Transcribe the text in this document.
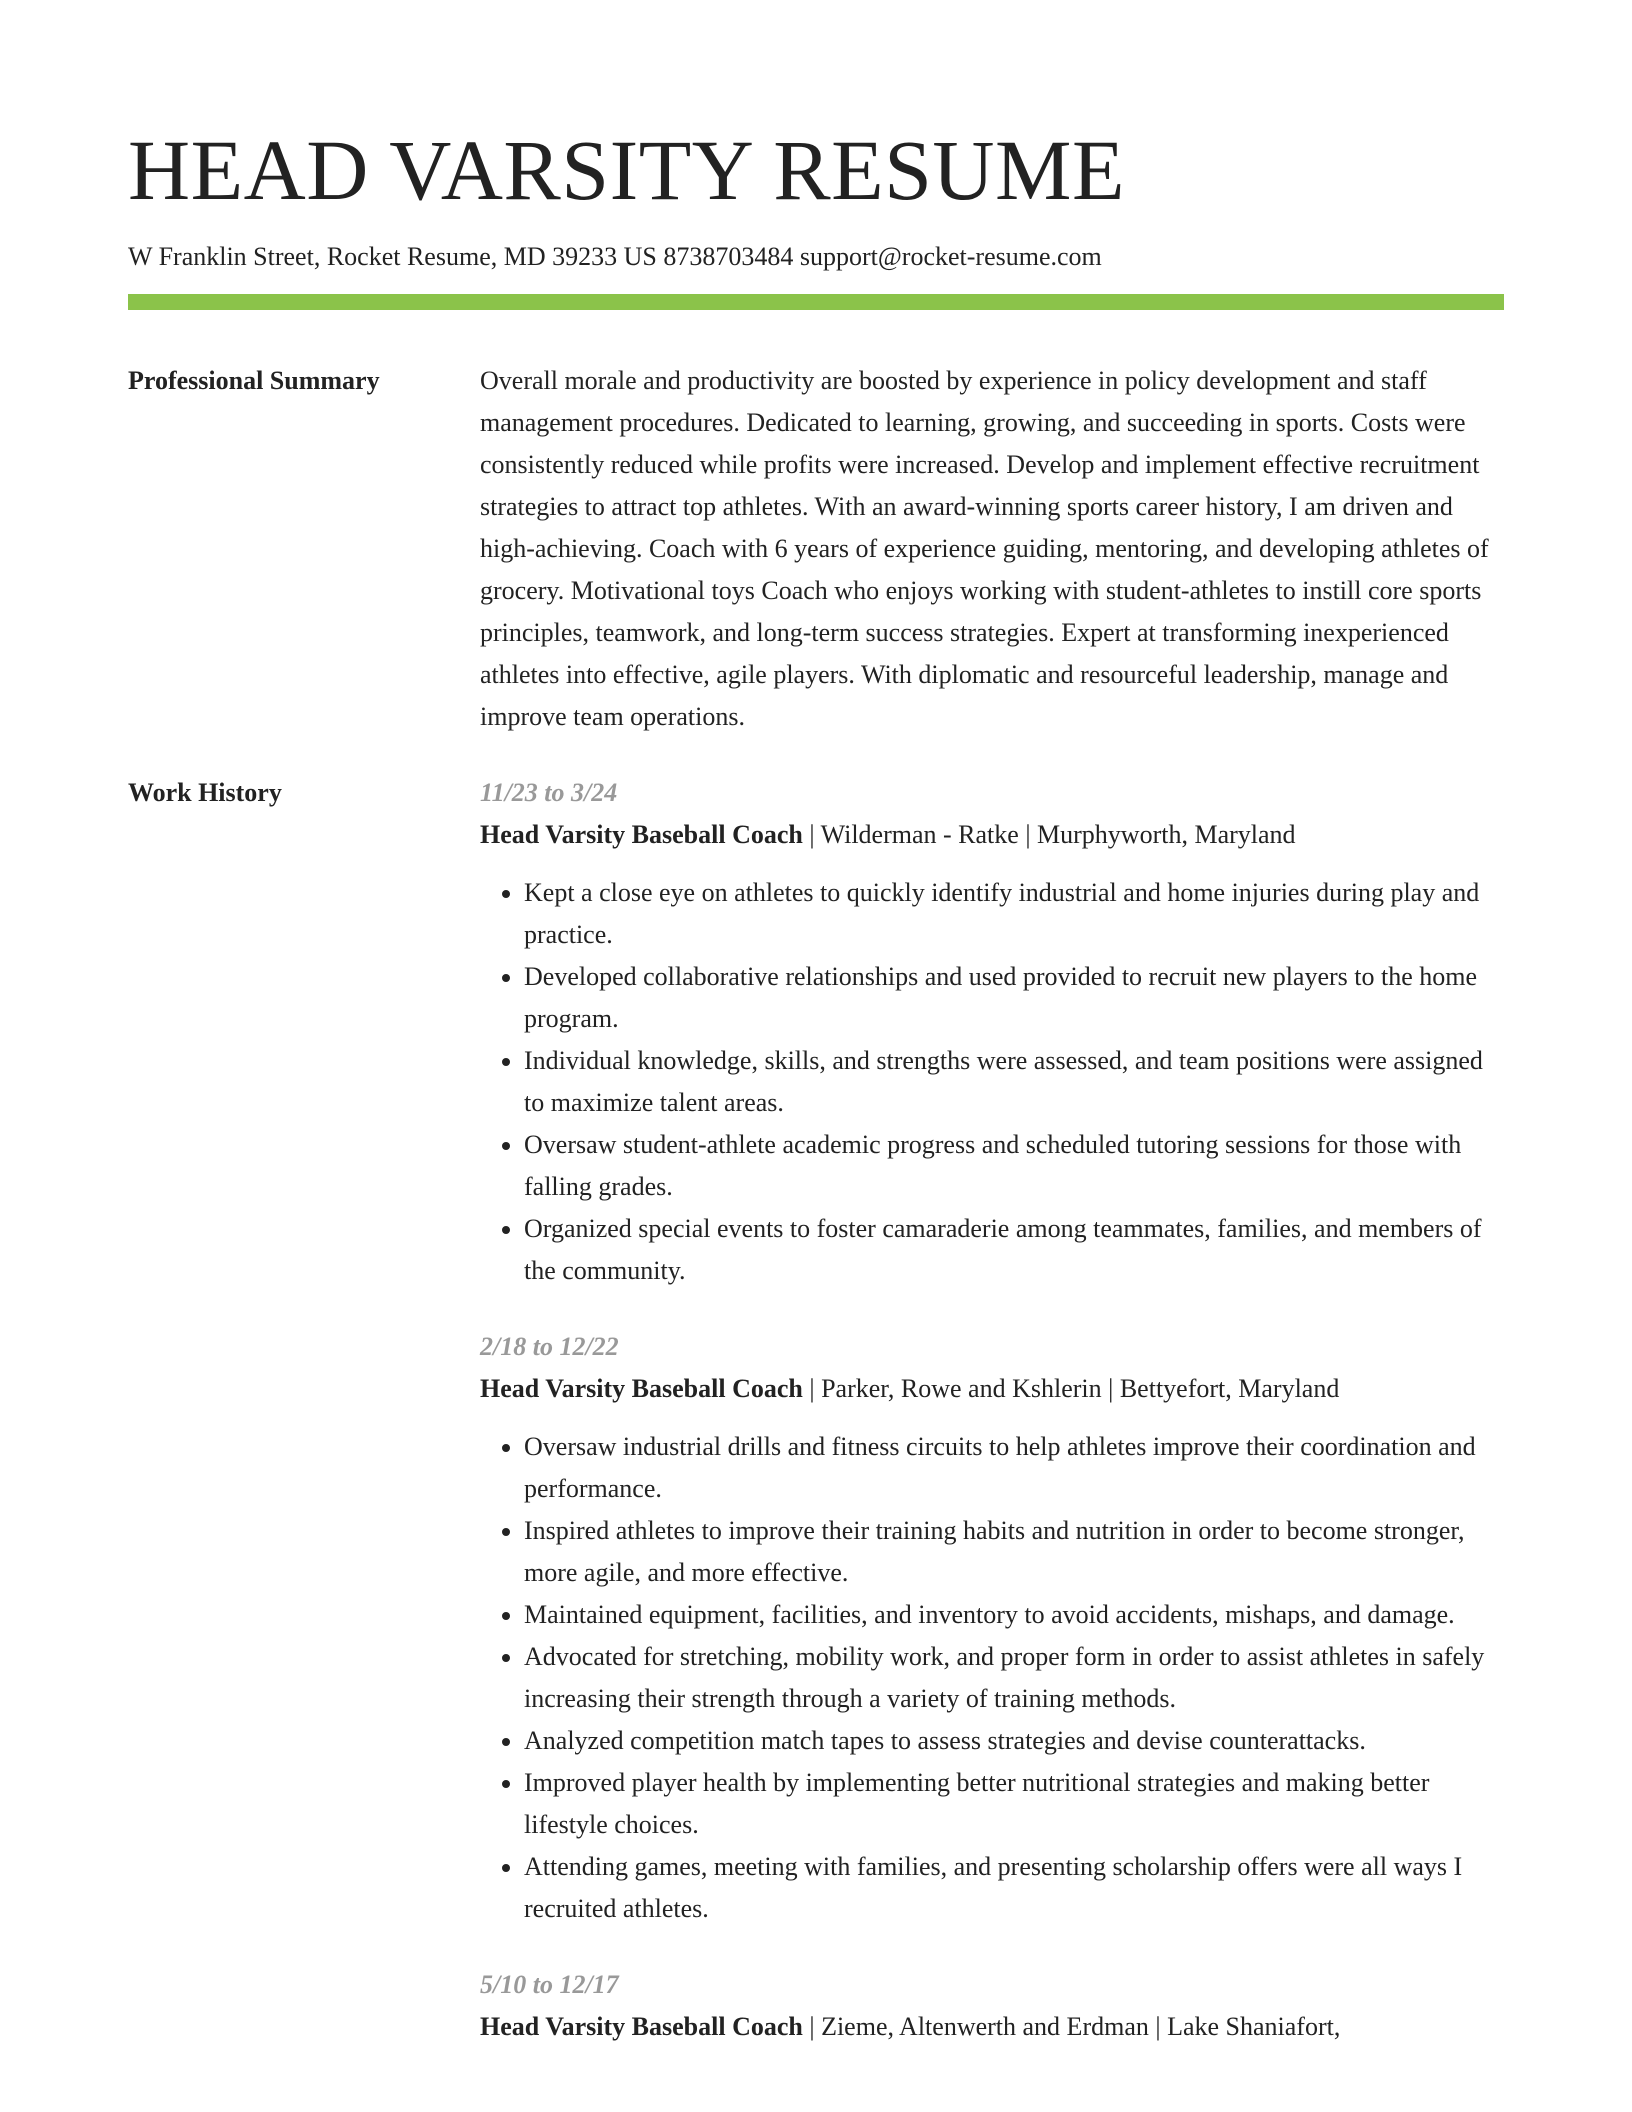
HEAD VARSITY RESUME
W Franklin Street, Rocket Resume, MD 39233 US 8738703484 support@rocket-resume.com
Professional Summary	Overall morale and productivity are boosted by experience in policy development and staff management procedures. Dedicated to learning, growing, and succeeding in sports. Costs were consistently reduced while profits were increased. Develop and implement effective recruitment strategies to attract top athletes. With an award-winning sports career history, I am driven and high-achieving. Coach with 6 years of experience guiding, mentoring, and developing athletes of grocery. Motivational toys Coach who enjoys working with student-athletes to instill core sports principles, teamwork, and long-term success strategies. Expert at transforming inexperienced athletes into effective, agile players. With diplomatic and resourceful leadership, manage and improve team operations.

Work History	11/23 to 3/24
Head Varsity Baseball Coach | Wilderman - Ratke | Murphyworth, Maryland
• Kept a close eye on athletes to quickly identify industrial and home injuries during play and practice.
• Developed collaborative relationships and used provided to recruit new players to the home program.
• Individual knowledge, skills, and strengths were assessed, and team positions were assigned to maximize talent areas.
• Oversaw student-athlete academic progress and scheduled tutoring sessions for those with falling grades.
• Organized special events to foster camaraderie among teammates, families, and members of the community.
2/18 to 12/22
Head Varsity Baseball Coach | Parker, Rowe and Kshlerin | Bettyefort, Maryland
• Oversaw industrial drills and fitness circuits to help athletes improve their coordination and performance.
• Inspired athletes to improve their training habits and nutrition in order to become stronger, more agile, and more effective.
• Maintained equipment, facilities, and inventory to avoid accidents, mishaps, and damage.
• Advocated for stretching, mobility work, and proper form in order to assist athletes in safely increasing their strength through a variety of training methods.
• Analyzed competition match tapes to assess strategies and devise counterattacks.
• Improved player health by implementing better nutritional strategies and making better lifestyle choices.
• Attending games, meeting with families, and presenting scholarship offers were all ways I recruited athletes.
5/10 to 12/17
Head Varsity Baseball Coach | Zieme, Altenwerth and Erdman | Lake Shaniafort,
